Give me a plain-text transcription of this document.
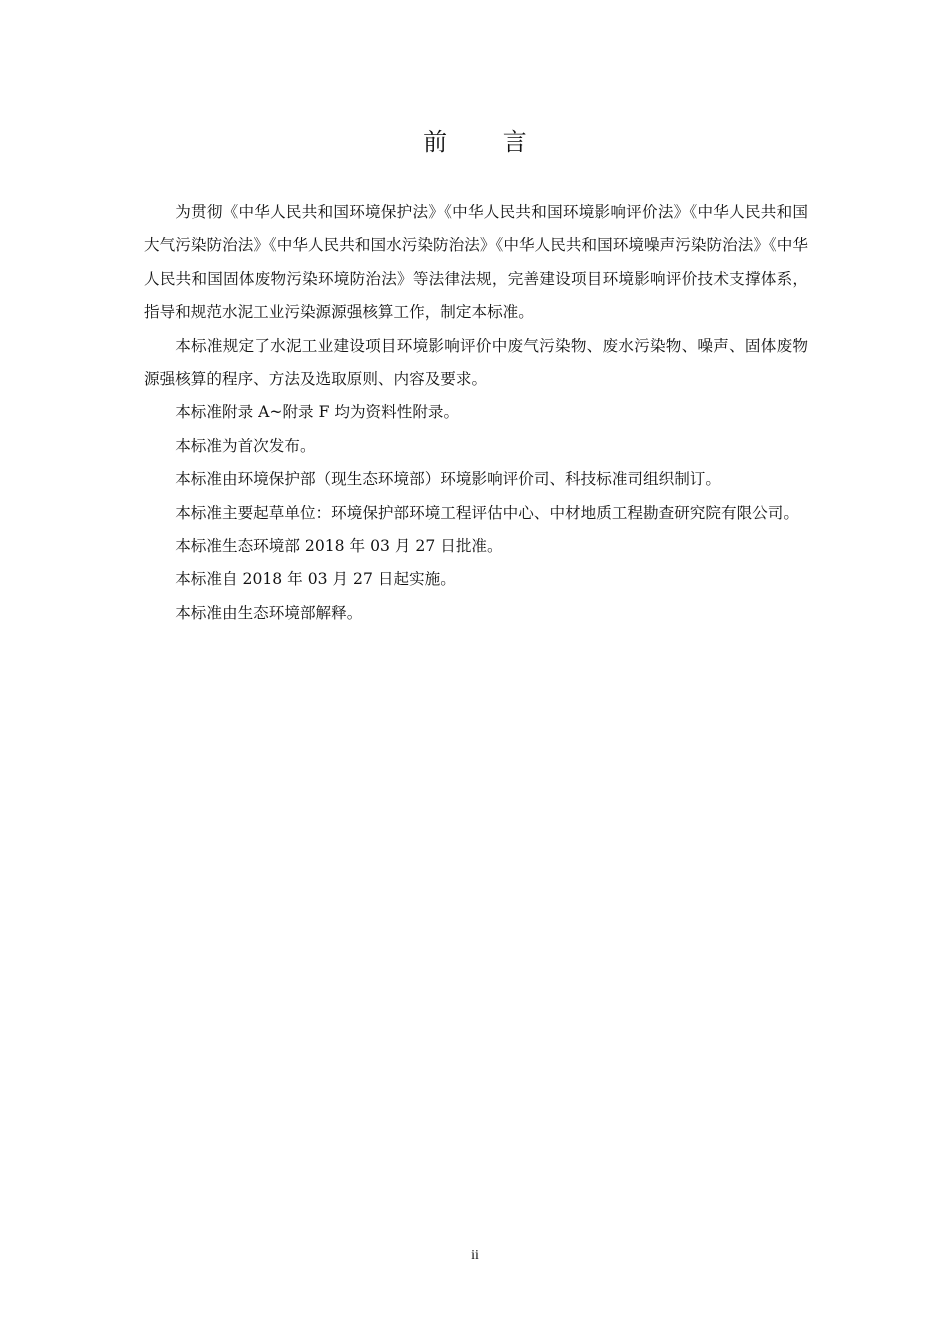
前 言

为贯彻《中华人民共和国环境保护法》《中华人民共和国环境影响评价法》《中华人民共和国大气污染防治法》《中华人民共和国水污染防治法》《中华人民共和国环境噪声污染防治法》《中华人民共和国固体废物污染环境防治法》等法律法规，完善建设项目环境影响评价技术支撑体系，指导和规范水泥工业污染源源强核算工作，制定本标准。

本标准规定了水泥工业建设项目环境影响评价中废气污染物、废水污染物、噪声、固体废物源强核算的程序、方法及选取原则、内容及要求。

本标准附录 A~附录 F 均为资料性附录。

本标准为首次发布。

本标准由环境保护部（现生态环境部）环境影响评价司、科技标准司组织制订。

本标准主要起草单位：环境保护部环境工程评估中心、中材地质工程勘查研究院有限公司。

本标准生态环境部 2018 年 03 月 27 日批准。

本标准自 2018 年 03 月 27 日起实施。

本标准由生态环境部解释。

ii
